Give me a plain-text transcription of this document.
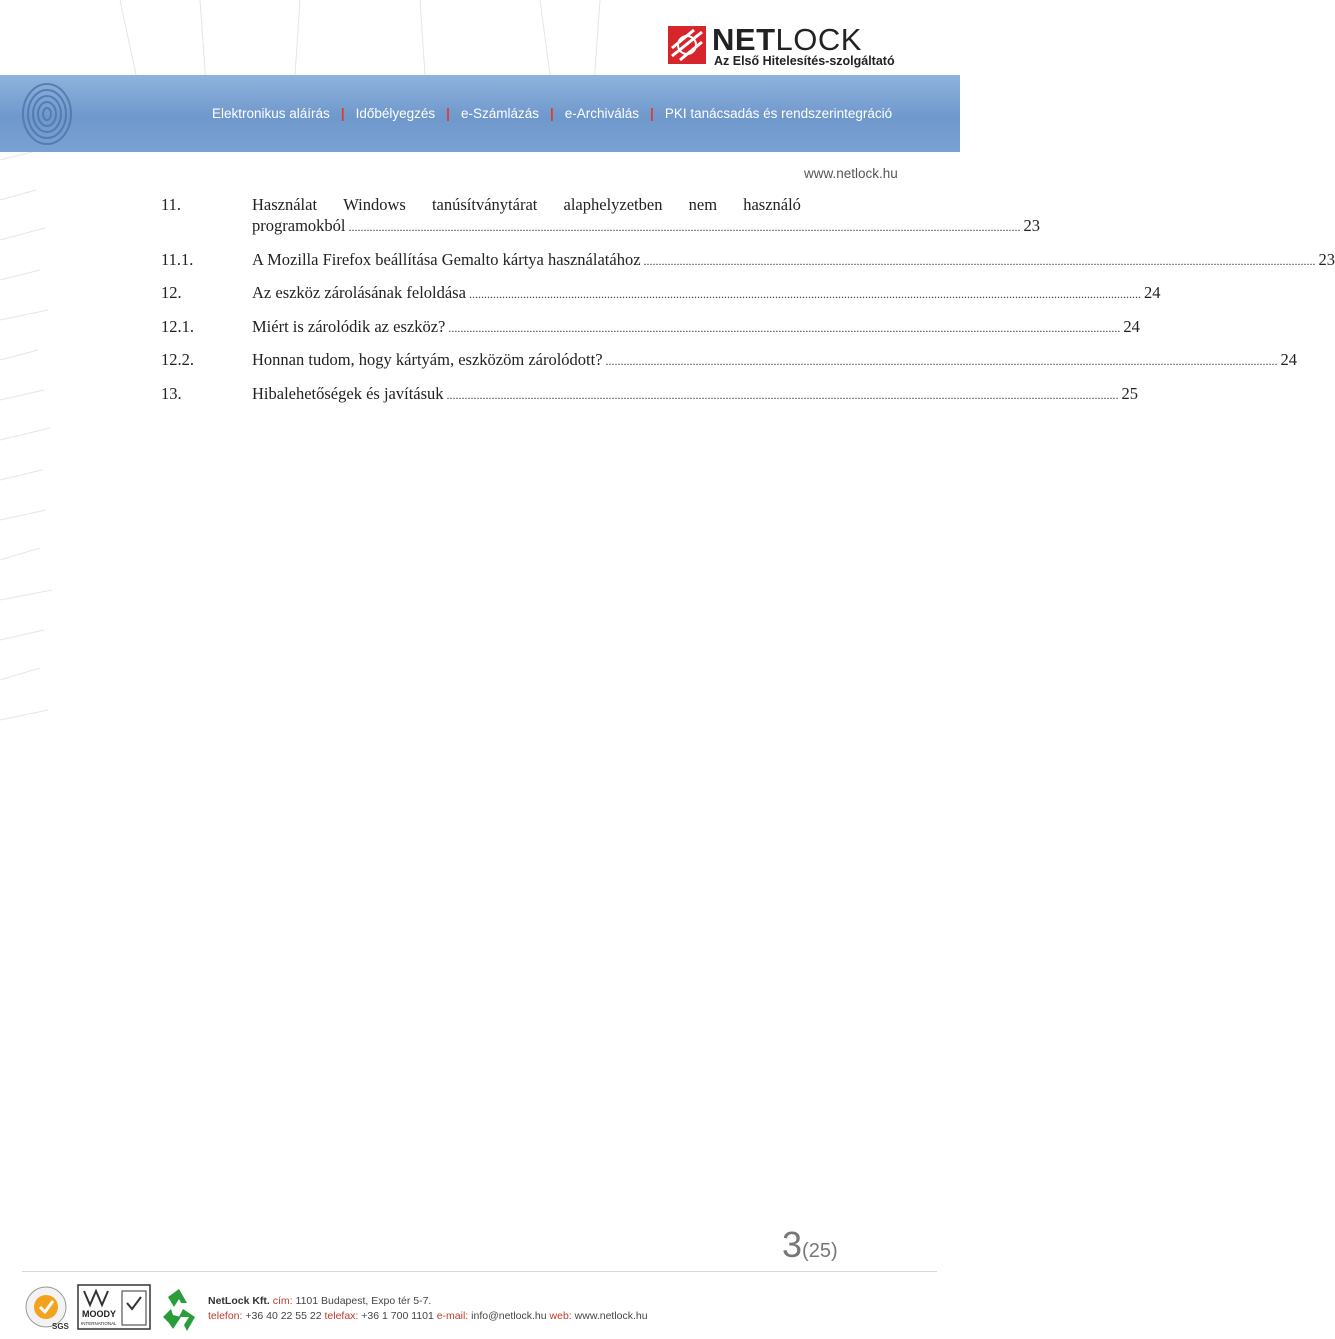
NETLOCK
Az Első Hitelesítés-szolgáltató
Elektronikus aláírás | Időbélyegzés | e-Számlázás | e-Archiválás | PKI tanácsadás és rendszerintegráció
www.netlock.hu
11.	Használat Windows tanúsítványtárat alaphelyzetben nem használó
programokból .....	23
11.1.	A Mozilla Firefox beállítása Gemalto kártya használatához .....	23
12.	Az eszköz zárolásának feloldása .....	24
12.1.	Miért is zárolódik az eszköz? .....	24
12.2.	Honnan tudom, hogy kártyám, eszközöm zárolódott? .....	24
13.	Hibalehetőségek és javításuk .....	25
3(25)
SGS
MOODY
INTERNATIONAL
NetLock Kft. cím: 1101 Budapest, Expo tér 5-7.
telefon: +36 40 22 55 22 telefax: +36 1 700 1101 e-mail: info@netlock.hu web: www.netlock.hu
